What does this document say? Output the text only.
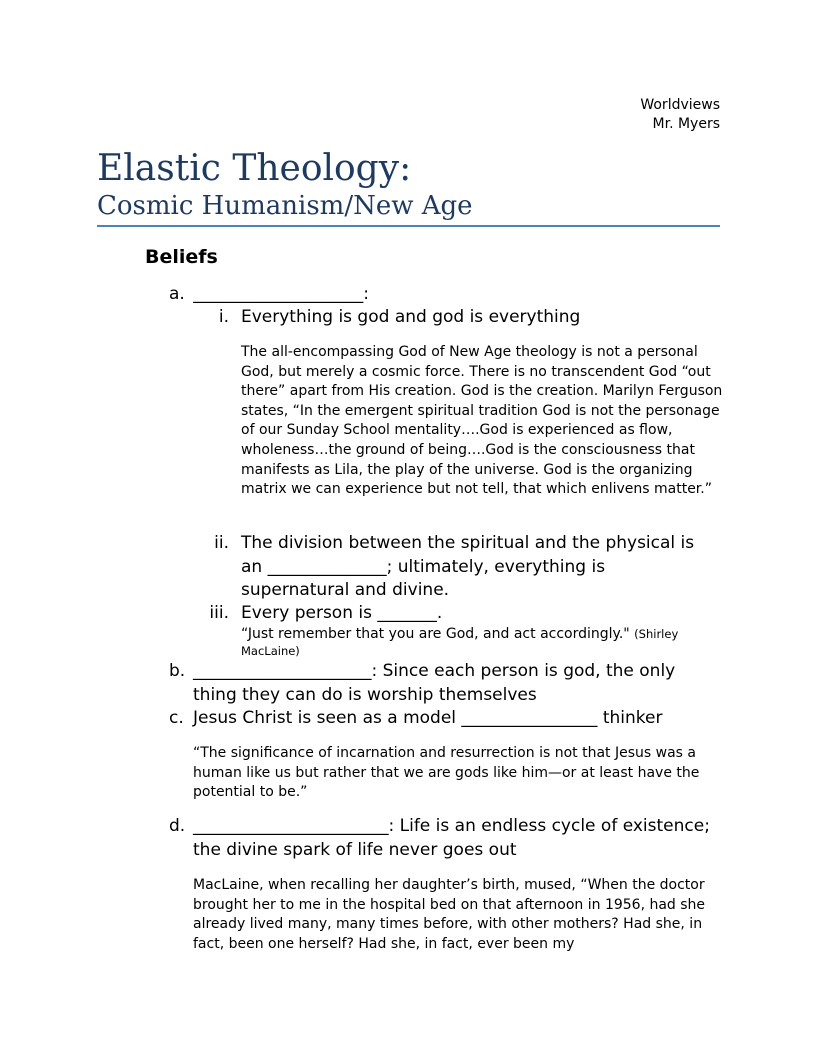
Worldviews
Mr. Myers
Elastic Theology:
Cosmic Humanism/New Age
Beliefs
a. ____________________:
i. Everything is god and god is everything
The all-encompassing God of New Age theology is not a personal God, but merely a cosmic force. There is no transcendent God “out there” apart from His creation. God is the creation. Marilyn Ferguson states, “In the emergent spiritual tradition God is not the personage of our Sunday School mentality….God is experienced as flow, wholeness…the ground of being….God is the consciousness that manifests as Lila, the play of the universe. God is the organizing matrix we can experience but not tell, that which enlivens matter.”
ii. The division between the spiritual and the physical is an ______________; ultimately, everything is supernatural and divine.
iii. Every person is _______.
“Just remember that you are God, and act accordingly." (Shirley MacLaine)
b. _____________________: Since each person is god, the only thing they can do is worship themselves
c. Jesus Christ is seen as a model ________________ thinker
“The significance of incarnation and resurrection is not that Jesus was a human like us but rather that we are gods like him—or at least have the potential to be.”
d. _______________________: Life is an endless cycle of existence; the divine spark of life never goes out
MacLaine, when recalling her daughter’s birth, mused, “When the doctor brought her to me in the hospital bed on that afternoon in 1956, had she already lived many, many times before, with other mothers? Had she, in fact, been one herself? Had she, in fact, ever been my
